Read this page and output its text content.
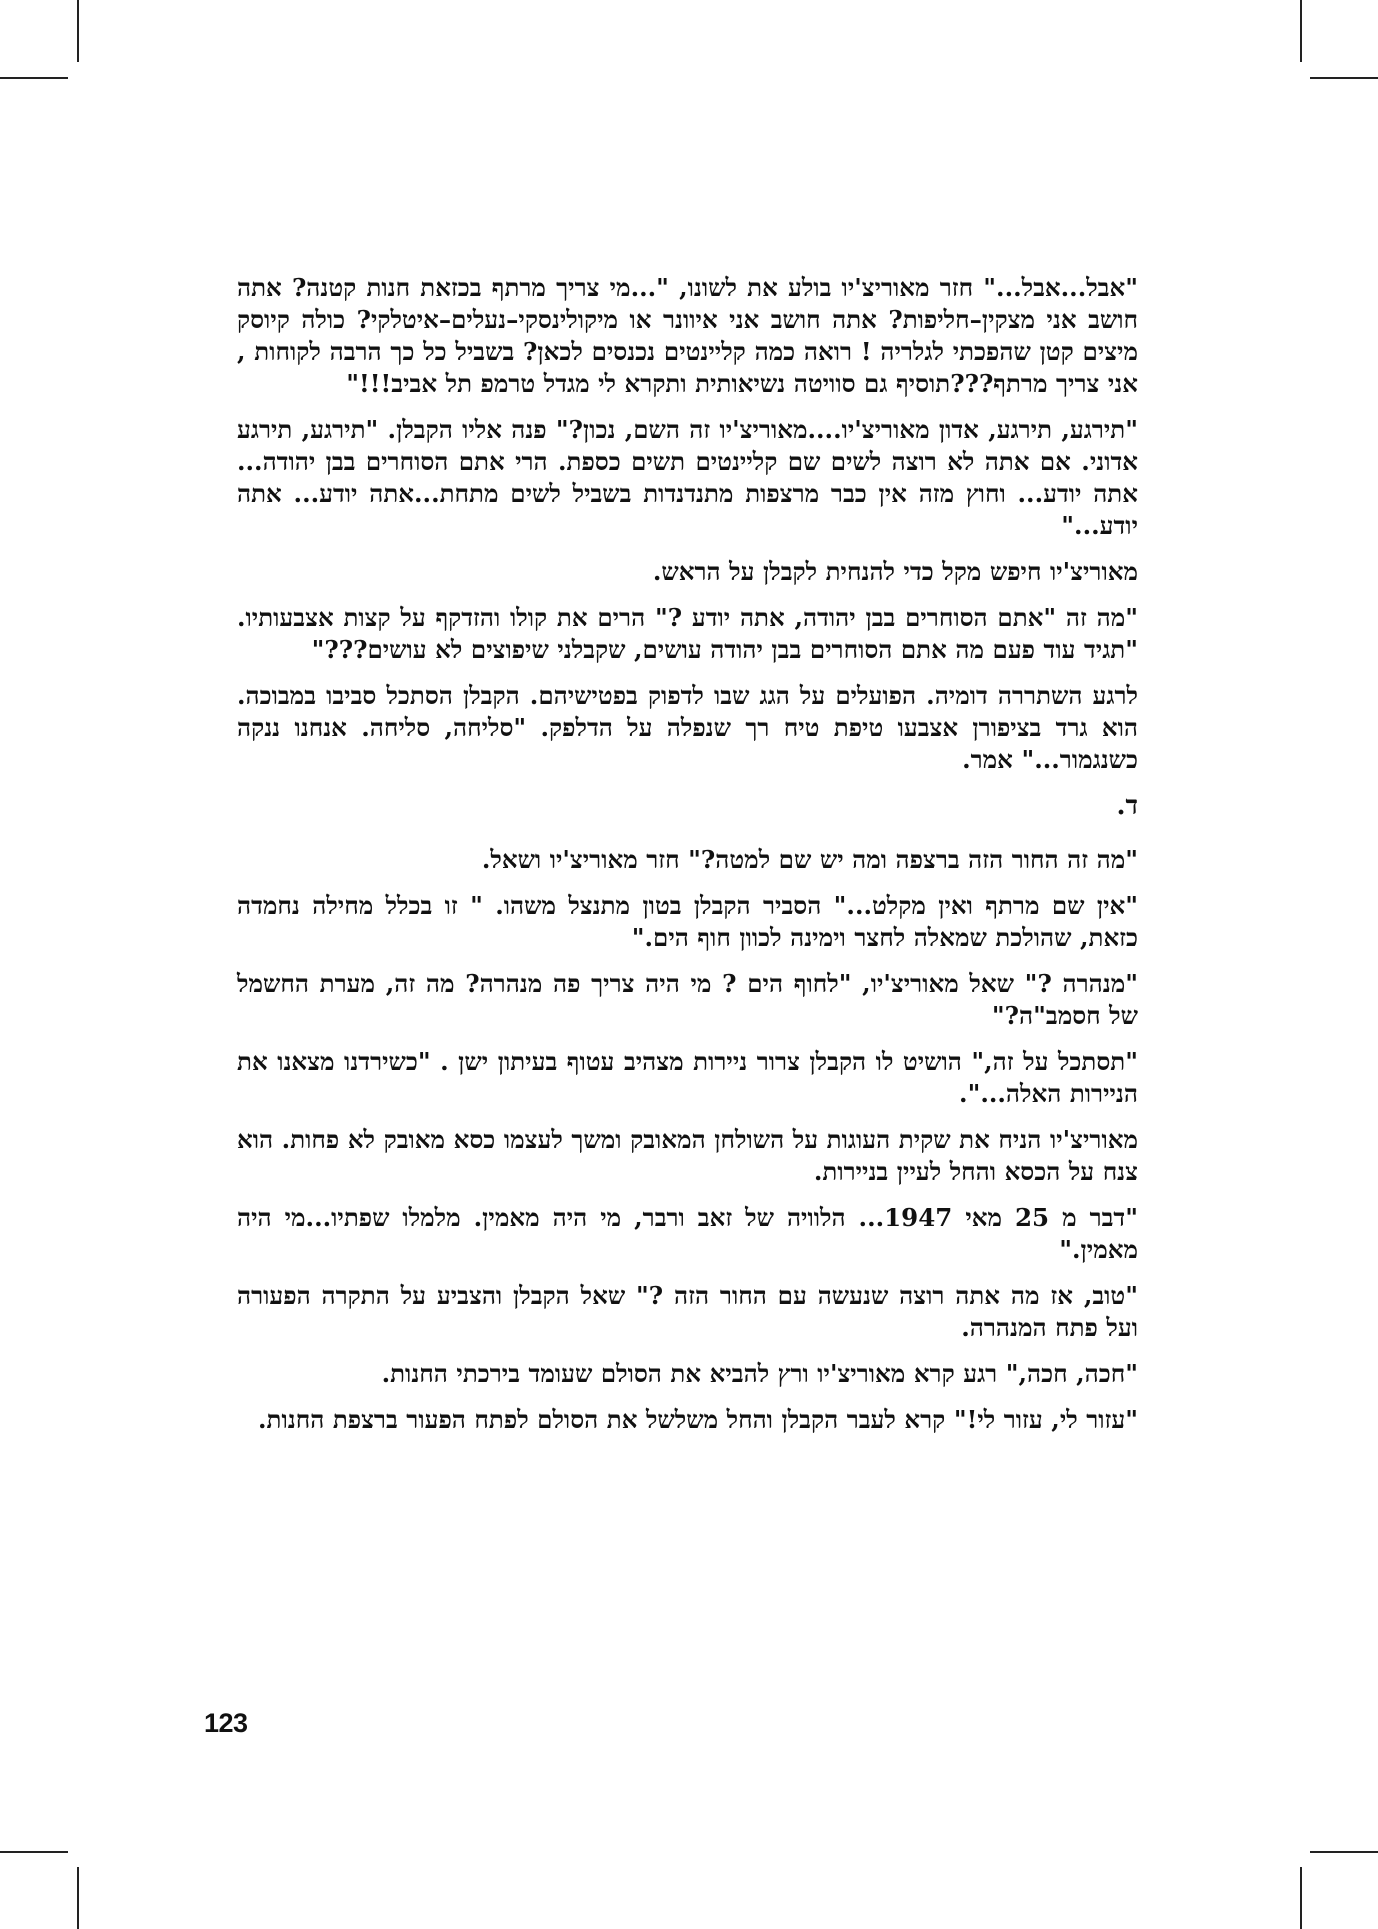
"אבל...אבל..." חזר מאוריצ'יו בולע את לשונו, "...מי צריך מרתף בכזאת חנות קטנה? אתה חושב אני מצקין–חליפות? אתה חושב אני איוונר או מיקולינסקי–נעלים–איטלקי? כולה קיוסק מיצים קטן שהפכתי לגלריה ! רואה כמה קליינטים נכנסים לכאן? בשביל כל כך הרבה לקוחות , אני צריך מרתף???תוסיף גם סוויטה נשיאותית ותקרא לי מגדל טרמפ תל אביב!!!"

"תירגע, תירגע, אדון מאוריצ'יו....מאוריצ'יו זה השם, נכון?" פנה אליו הקבלן. "תירגע, תירגע אדוני. אם אתה לא רוצה לשים שם קליינטים תשים כספת. הרי אתם הסוחרים בבן יהודה... אתה יודע... וחוץ מזה אין כבר מרצפות מתנדנדות בשביל לשים מתחת...אתה יודע... אתה יודע..."

מאוריצ'יו חיפש מקל כדי להנחית לקבלן על הראש.

"מה זה "אתם הסוחרים בבן יהודה, אתה יודע ?" הרים את קולו והזדקף על קצות אצבעותיו. "תגיד עוד פעם מה אתם הסוחרים בבן יהודה עושים, שקבלני שיפוצים לא עושים???"

לרגע השתררה דומיה. הפועלים על הגג שבו לדפוק בפטישיהם. הקבלן הסתכל סביבו במבוכה. הוא גרד בציפורן אצבעו טיפת טיח רך שנפלה על הדלפק. "סליחה, סליחה. אנחנו ננקה כשנגמור..." אמר.

ד.

"מה זה החור הזה ברצפה ומה יש שם למטה?" חזר מאוריצ'יו ושאל.

"אין שם מרתף ואין מקלט..." הסביר הקבלן בטון מתנצל משהו. " זו בכלל מחילה נחמדה כזאת, שהולכת שמאלה לחצר וימינה לכוון חוף הים."

"מנהרה ?" שאל מאוריצ'יו, "לחוף הים ? מי היה צריך פה מנהרה? מה זה, מערת החשמל של חסמב"ה?"

"תסתכל על זה," הושיט לו הקבלן צרור ניירות מצהיב עטוף בעיתון ישן . "כשירדנו מצאנו את הניירות האלה...".

מאוריצ'יו הניח את שקית העוגות על השולחן המאובק ומשך לעצמו כסא מאובק לא פחות. הוא צנח על הכסא והחל לעיין בניירות.

"דבר מ 25 מאי 1947... הלוויה של זאב ורבר, מי היה מאמין. מלמלו שפתיו...מי היה מאמין."

"טוב, אז מה אתה רוצה שנעשה עם החור הזה ?" שאל הקבלן והצביע על התקרה הפעורה ועל פתח המנהרה.

"חכה, חכה," רגע קרא מאוריצ'יו ורץ להביא את הסולם שעומד בירכתי החנות.

"עזור לי, עזור לי!" קרא לעבר הקבלן והחל משלשל את הסולם לפתח הפעור ברצפת החנות.

123
